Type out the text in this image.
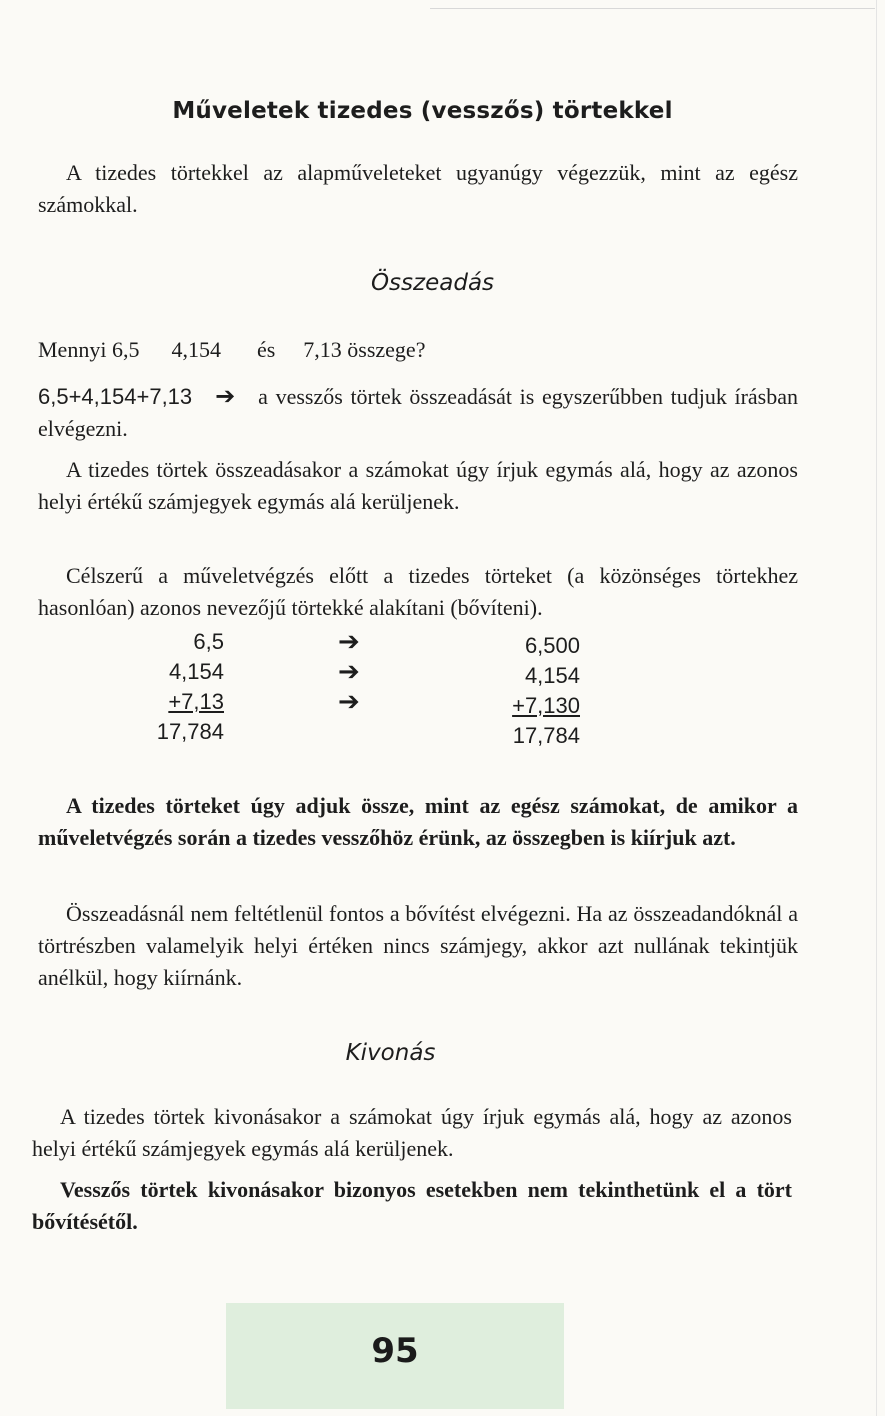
Műveletek tizedes (vesszős) törtekkel

A tizedes törtekkel az alapműveleteket ugyanúgy végezzük, mint az egész számokkal.

Összeadás
Mennyi 6,5 4,154 és 7,13 összege?

6,5+4,154+7,13 ➔ a vesszős törtek összeadását is egyszerűbben tudjuk írásban elvégezni.

A tizedes törtek összeadásakor a számokat úgy írjuk egymás alá, hogy az azonos helyi értékű számjegyek egymás alá kerüljenek.

Célszerű a műveletvégzés előtt a tizedes törteket (a közönséges törtekhez hasonlóan) azonos nevezőjű törtekké alakítani (bővíteni).

6,5
4,154
+7,13
17,784
➔
➔
➔
6,500
4,154
+7,130
17,784

A tizedes törteket úgy adjuk össze, mint az egész számokat, de amikor a műveletvégzés során a tizedes vesszőhöz érünk, az összegben is kiírjuk azt.

Összeadásnál nem feltétlenül fontos a bővítést elvégezni. Ha az összeadandóknál a törtrészben valamelyik helyi értéken nincs számjegy, akkor azt nullának tekintjük anélkül, hogy kiírnánk.

Kivonás

A tizedes törtek kivonásakor a számokat úgy írjuk egymás alá, hogy az azonos helyi értékű számjegyek egymás alá kerüljenek.

Vesszős törtek kivonásakor bizonyos esetekben nem tekinthetünk el a tört bővítésétől.

95
